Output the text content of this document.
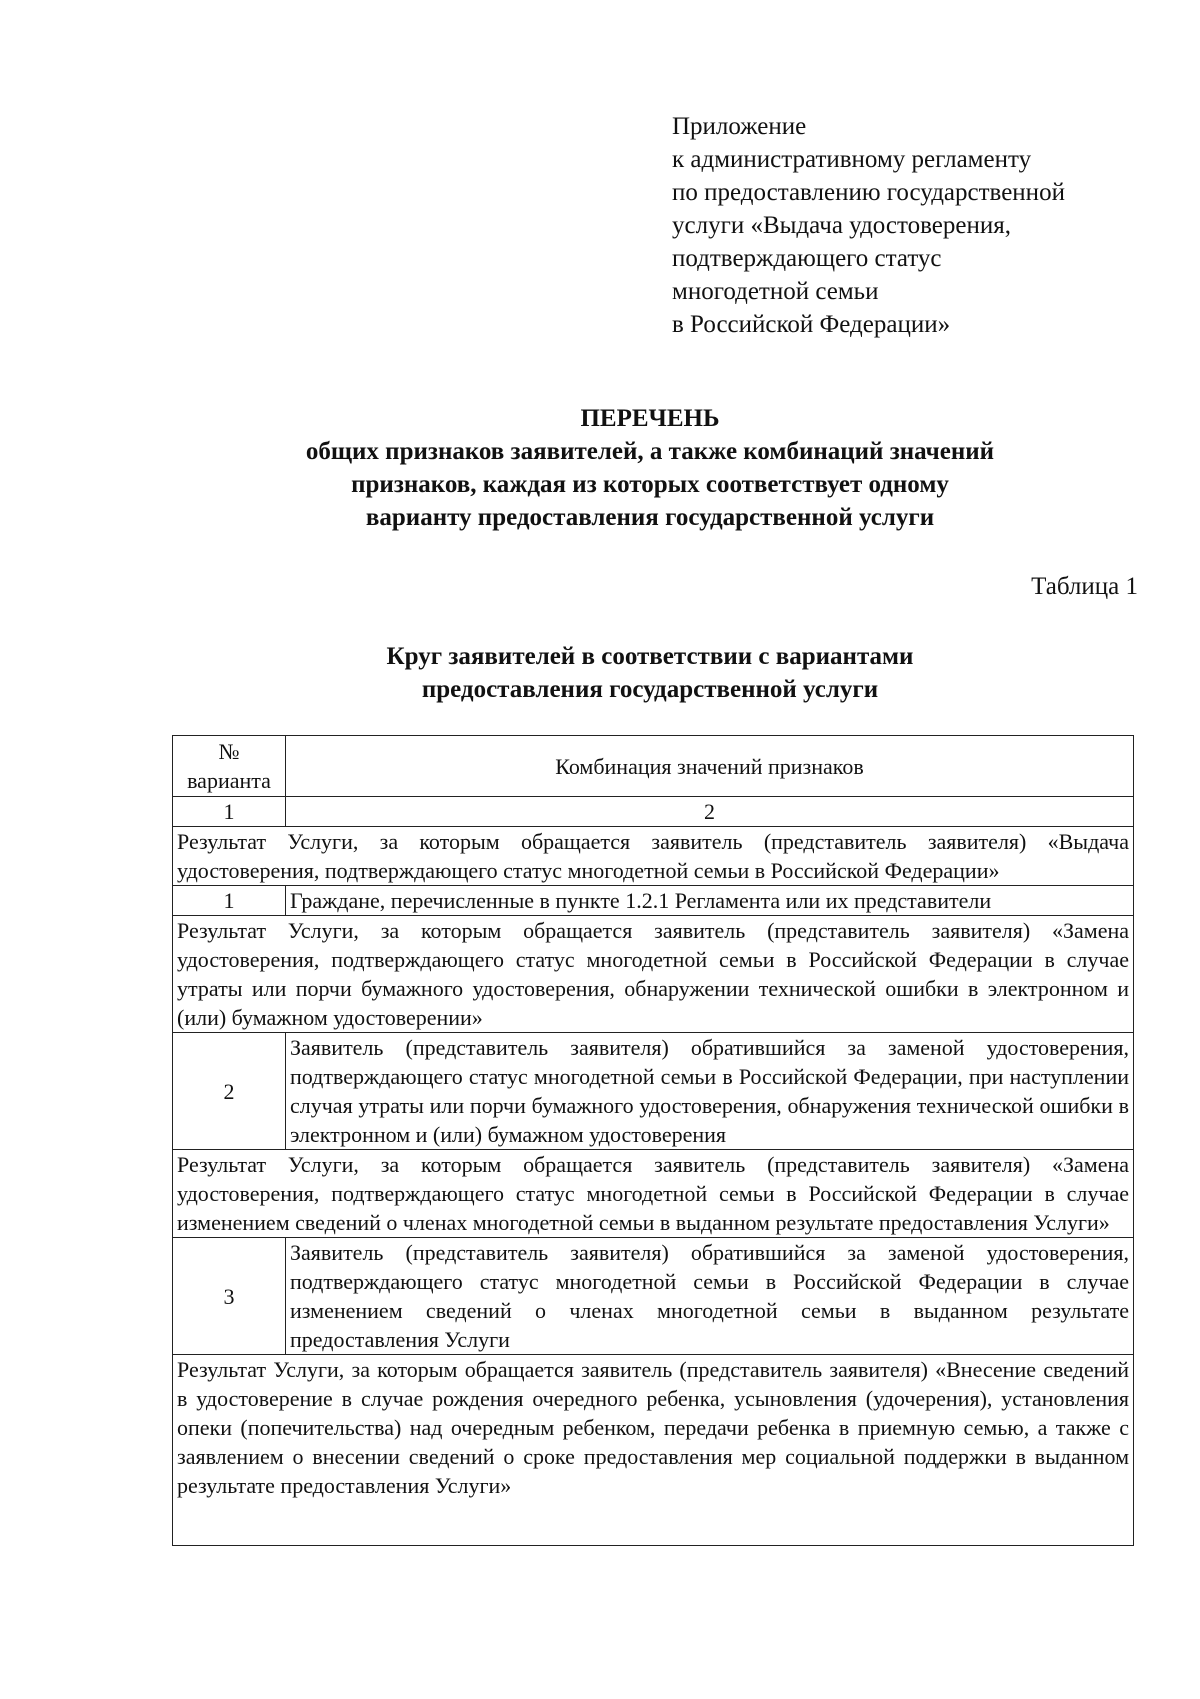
Приложение
к административному регламенту
по предоставлению государственной
услуги «Выдача удостоверения,
подтверждающего статус
многодетной семьи
в Российской Федерации»
ПЕРЕЧЕНЬ
общих признаков заявителей, а также комбинаций значений
признаков, каждая из которых соответствует одному
варианту предоставления государственной услуги
Таблица 1
Круг заявителей в соответствии с вариантами
предоставления государственной услуги
№ варианта	Комбинация значений признаков
1	2
Результат Услуги, за которым обращается заявитель (представитель заявителя) «Выдача удостоверения, подтверждающего статус многодетной семьи в Российской Федерации»	
1	Граждане, перечисленные в пункте 1.2.1 Регламента или их представители
Результат Услуги, за которым обращается заявитель (представитель заявителя) «Замена удостоверения, подтверждающего статус многодетной семьи в Российской Федерации в случае утраты или порчи бумажного удостоверения, обнаружении технической ошибки в электронном и (или) бумажном удостоверении»	
2	Заявитель (представитель заявителя) обратившийся за заменой удостоверения, подтверждающего статус многодетной семьи в Российской Федерации, при наступлении случая утраты или порчи бумажного удостоверения, обнаружения технической ошибки в электронном и (или) бумажном удостоверения
Результат Услуги, за которым обращается заявитель (представитель заявителя) «Замена удостоверения, подтверждающего статус многодетной семьи в Российской Федерации в случае изменением сведений о членах многодетной семьи в выданном результате предоставления Услуги»	
3	Заявитель (представитель заявителя) обратившийся за заменой удостоверения, подтверждающего статус многодетной семьи в Российской Федерации в случае изменением сведений о членах многодетной семьи в выданном результате предоставления Услуги
Результат Услуги, за которым обращается заявитель (представитель заявителя) «Внесение сведений в удостоверение в случае рождения очередного ребенка, усыновления (удочерения), установления опеки (попечительства) над очередным ребенком, передачи ребенка в приемную семью, а также с заявлением о внесении сведений о сроке предоставления мер социальной поддержки в выданном результате предоставления Услуги»	
